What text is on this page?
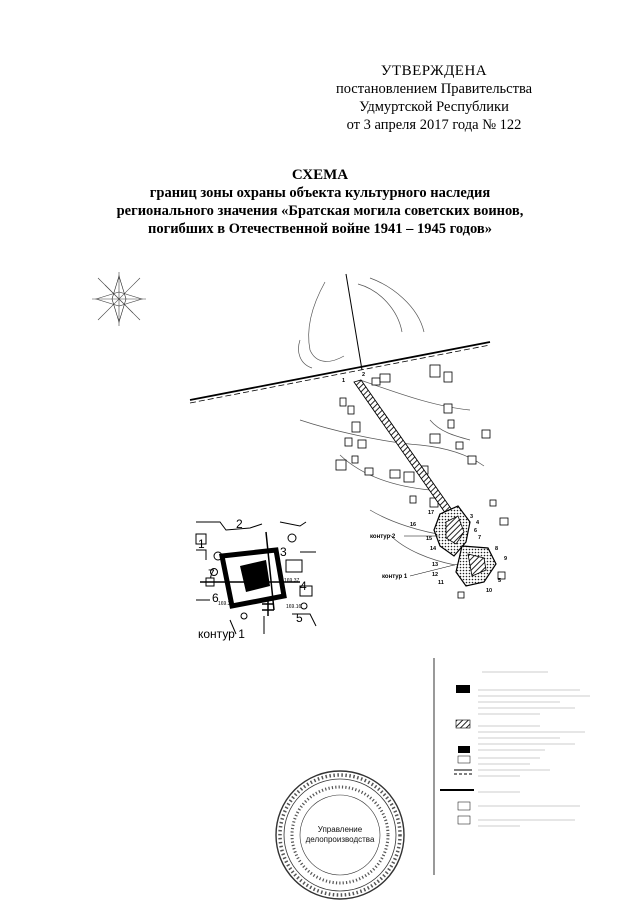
УТВЕРЖДЕНА
постановлением Правительства
Удмуртской Республики
от 3 апреля 2017 года № 122
СХЕМА
границ зоны охраны объекта культурного наследия
регионального значения «Братская могила советских воинов,
погибших в Отечественной войне 1941 – 1945 годов»
контур 2
контур 1
1
2
3
4
5
6
7
8
9
10
11
12
13
14
15
16
17
2
1
3
4
5
6
7	169.37
169.33	169.16
контур 1
Управление
делопроизводства
